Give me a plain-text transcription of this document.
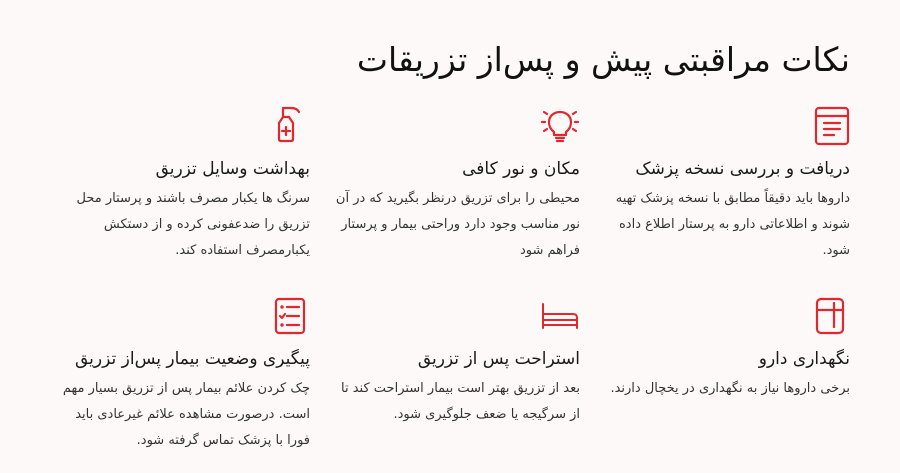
نکات مراقبتی پیش و پس‌از تزریقات
دریافت و بررسی نسخه پزشک
داروها باید دقیقاً مطابق با نسخه پزشک تهیه
شوند و اطلاعاتی دارو به پرستار اطلاع داده
شود.
مکان و نور کافی
محیطی را برای تزریق درنظر بگیرید که در آن
نور مناسب وجود دارد وراحتی بیمار و پرستار
فراهم شود
بهداشت وسایل تزریق
سرنگ ها یکبار مصرف باشند و پرستار محل
تزریق را ضدعفونی کرده و از دستکش
یکبارمصرف استفاده کند.
نگهداری دارو
برخی داروها نیاز به نگهداری در یخچال دارند.
استراحت پس از تزریق
بعد از تزریق بهتر است بیمار استراحت کند تا
از سرگیجه یا ضعف جلوگیری شود.
پیگیری وضعیت بیمار پس‌از تزریق
چک کردن علائم بیمار پس از تزریق بسیار مهم
است. درصورت مشاهده علائم غیرعادی باید
فورا با پزشک تماس گرفته شود.
